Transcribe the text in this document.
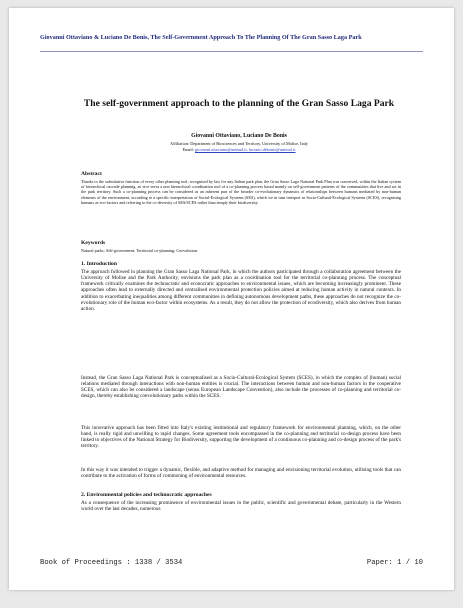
Giovanni Ottaviano & Luciano De Bonis, The Self-Government Approach To The Planning Of The Gran Sasso Laga Park
The self-government approach to the planning of the Gran Sasso Laga Park
Giovanni Ottaviano, Luciano De Bonis
Affiliation: Department of Biosciences and Territory, University of Molise, Italy
Email: giovanni.ottaviano@unimol.it, luciano.debonis@unimol.it
Abstract

Thanks to the substitutive function of every other planning tool, recognised by law for any Italian park plan, the Gran Sasso Laga National Park Plan was conceived, within the Italian system of hierarchical cascade planning, as vice versa a non hierarchical coordination tool of a co-planning process based mainly on self-government patterns of the communities that live and act in the park territory. Such a co-planning process can be considered as an inherent part of the broader co-evolutionary dynamics of relationships between humans mediated by non-human elements of the environment, according to a specific interpretation of Social-Ecological Systems (SES), which we in turn interpret as Socio-Cultural-Ecological Systems (SCES), recognising humans as eco-factors and referring to the co-diversity of SES/SCES rather than simply their biodiversity.

Keywords

Natural parks; Self-government; Territorial co-planning; Coevolution.

1. Introduction

The approach followed in planning the Gran Sasso Laga National Park, in which the authors participated through a collaboration agreement between the University of Molise and the Park Authority, envisions the park plan as a coordination tool for the territorial co-planning process. The conceptual framework critically examines the technocratic and econocratic approaches to environmental issues, which are becoming increasingly prominent. These approaches often lead to externally directed and centralised environmental protection policies aimed at reducing human activity in natural contexts. In addition to exacerbating inequalities among different communities in defining autonomous development paths, these approaches do not recognize the co-evolutionary role of the human eco-factor within ecosystems. As a result, they do not allow the protection of ecodiversity, which also derives from human action.

Instead, the Gran Sasso Laga National Park is conceptualised as a Socio-Cultural-Ecological System (SCES), in which the complex of (human) social relations mediated through interactions with non-human entities is crucial. The interactions between human and non-human factors in the cooperative SCES, which can also be considered a landscape (sensu European Landscape Convention), also include the processes of co-planning and territorial co-design, thereby establishing coevolutionary paths within the SCES.

This innovative approach has been fitted into Italy's existing institutional and regulatory framework for environmental planning, which, on the other hand, is really rigid and unwilling to rapid changes. Some agreement tools encompassed in the co-planning and territorial co-design process have been linked to objectives of the National Strategy for Biodiversity, supporting the development of a continuous co-planning and co-design process of the park's territory.

In this way it was intended to trigger a dynamic, flexible, and adaptive method for managing and envisioning territorial evolution, utilising tools that can contribute to the activation of forms of commoning of environmental resources.

2. Environmental policies and technocratic approaches

As a consequence of the increasing prominence of environmental issues in the public, scientific and governmental debate, particularly in the Western world over the last decades, numerous

Book of Proceedings : 1338 / 3534	Paper: 1 / 10
